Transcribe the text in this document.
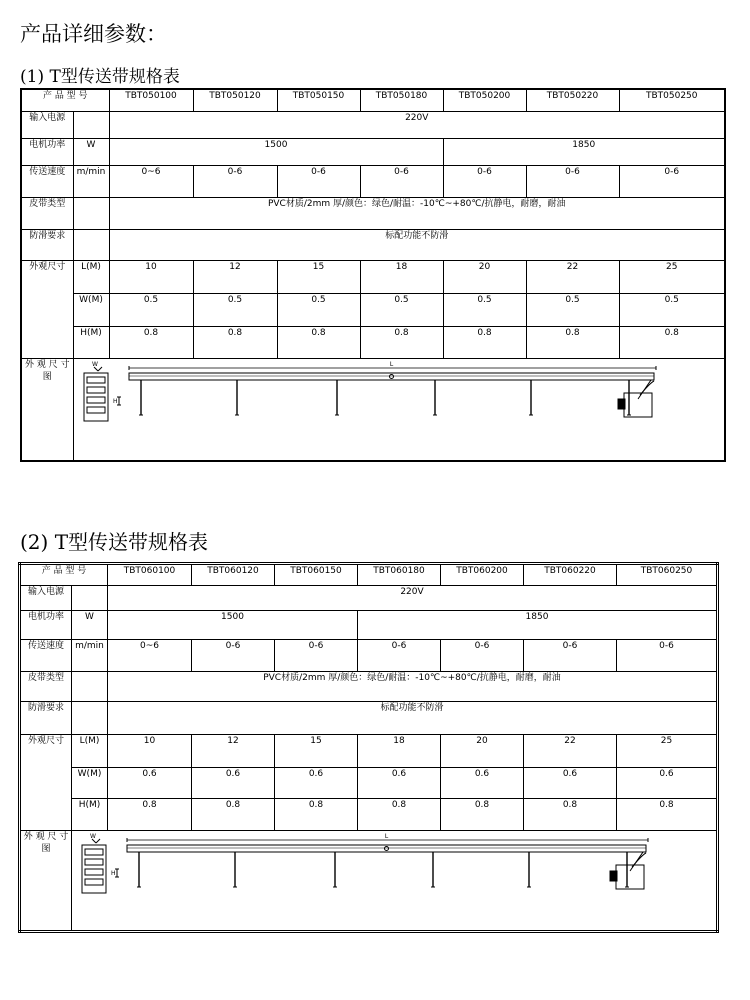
产品详细参数：
(1) T型传送带规格表
(2) T型传送带规格表
产 品 型 号		TBT050100	TBT050120	TBT050150	TBT050180	TBT050200	TBT050220	TBT050250
输入电源		220V						
电机功率	W	1500				1850		
传送速度	m/min	0~6	0-6	0-6	0-6	0-6	0-6	0-6
皮带类型		PVC材质/2mm 厚/颜色：绿色/耐温：-10℃~+80℃/抗静电，耐磨，耐油						
防滑要求		标配功能不防滑						
外观尺寸	L(M)	10	12	15	18	20	22	25
	W(M)	0.5	0.5	0.5	0.5	0.5	0.5	0.5
	H(M)	0.8	0.8	0.8	0.8	0.8	0.8	0.8
外 观 尺 寸图	L
W
H							
产 品 型 号		TBT060100	TBT060120	TBT060150	TBT060180	TBT060200	TBT060220	TBT060250
输入电源		220V						
电机功率	W	1500			1850			
传送速度	m/min	0~6	0-6	0-6	0-6	0-6	0-6	0-6
皮带类型		PVC材质/2mm 厚/颜色：绿色/耐温：-10℃~+80℃/抗静电，耐磨，耐油						
防滑要求		标配功能不防滑						
外观尺寸	L(M)	10	12	15	18	20	22	25
	W(M)	0.6	0.6	0.6	0.6	0.6	0.6	0.6
	H(M)	0.8	0.8	0.8	0.8	0.8	0.8	0.8
外 观 尺 寸图	L
W
H							
